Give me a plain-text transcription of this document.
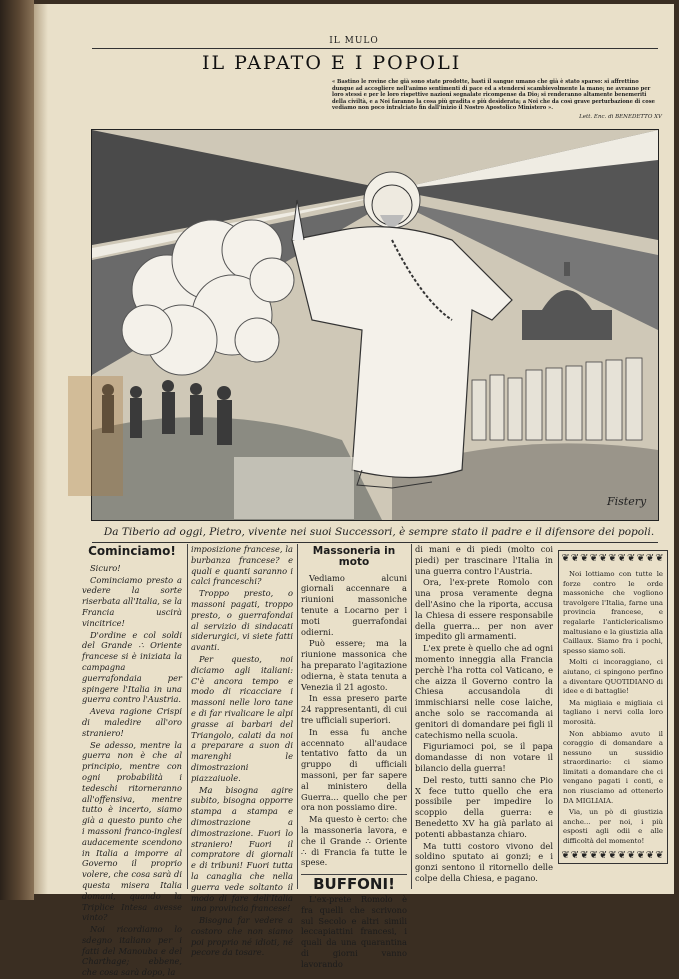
IL MULO
IL PAPATO E I POPOLI
« Bastino le rovine che già sono state prodotte, basti il sangue umano che già è stato sparso: si affrettino dunque ad accogliere nell'animo sentimenti di pace ed a stendersi scambievolmente la mano; ne avranno per loro stessi e per le loro rispettive nazioni segnalate ricompense da Dio; si renderanno altamente benemeriti della civiltà, e a Noi faranno la cosa più gradita e più desiderata; a Noi che da così grave perturbazione di cose vediamo non poco intralciato fin dall'inizio il Nostro Apostolico Ministero ».
Lett. Enc. di BENEDETTO XV
Fistery
Da Tiberio ad oggi, Pietro, vivente nei suoi Successori, è sempre stato il padre e il difensore dei popoli.
Cominciamo!

Sicuro!

Cominciamo presto a vedere la sorte riserbata all'Italia, se la Francia uscirà vincitrice!

D'ordine e col soldi del Grande ∴ Oriente francese si è iniziata la campagna guerrafondaia per spingere l'Italia in una guerra contro l'Austria.

Aveva ragione Crispi di maledire all'oro straniero!

Se adesso, mentre la guerra non è che al principio, mentre con ogni probabilità i tedeschi ritorneranno all'offensiva, mentre tutto è incerto, siamo già a questo punto che i massoni franco-inglesi audacemente scendono in Italia a imporre al Governo il proprio volere, che cosa sarà di questa misera Italia domani, quando la Triplice Intesa avesse vinto?

Noi ricordiamo lo sdegno italiano per i fatti del Manouba e del Charthage; ebbene, che cosa sarà dopo, la

imposizione francese, la burbanza francese? e quali e quanti saranno i calci franceschi?

Troppo presto, o massoni pagati, troppo presto, o guerrafondai al servizio di sindacati siderurgici, vi siete fatti avanti.

Per questo, noi diciamo agli italiani: C'è ancora tempo e modo di ricacciare i massoni nelle loro tane e di far rivalicare le alpi grasse ai barbari del Triangolo, calati da noi a preparare a suon di marenghi le dimostrazioni piazzaiuole.

Ma bisogna agire subito, bisogna opporre stampa a stampa e dimostrazione a dimostrazione. Fuori lo straniero! Fuori il compratore di giornali e di tribuni! Fuori tutta la canaglia che nella guerra vede soltanto il modo di fare dell'Italia una provincia francese!

Bisogna far vedere a costoro che non siamo poi proprio né idioti, né pecore da tosare.

Massoneria in moto

Vediamo alcuni giornali accennare a riunioni massoniche tenute a Locarno per i moti guerrafondai odierni.

Può essere; ma la riunione massonica che ha preparato l'agitazione odierna, è stata tenuta a Venezia il 21 agosto.

In essa presero parte 24 rappresentanti, di cui tre ufficiali superiori.

In essa fu anche accennato all'audace tentativo fatto da un gruppo di ufficiali massoni, per far sapere al ministero della Guerra... quello che per ora non possiamo dire.

Ma questo è certo: che la massoneria lavora, e che il Grande ∴ Oriente ∴ di Francia fa tutte le spese.

BUFFONI!

L'ex-prete Romolo è fra quelli che scrivono sul Secolo e altri simili leccapiattini francesi, i quali da una quarantina di giorni vanno lavorando

di mani e di piedi (molto coi piedi) per trascinare l'Italia in una guerra contro l'Austria.

Ora, l'ex-prete Romolo con una prosa veramente degna dell'Asino che la riporta, accusa la Chiesa di essere responsabile della guerra... per non aver impedito gli armamenti.

L'ex prete è quello che ad ogni momento inneggia alla Francia perchè l'ha rotta col Vaticano, e che aizza il Governo contro la Chiesa accusandola di immischiarsi nelle cose laiche, anche solo se raccomanda ai genitori di domandare pei figli il catechismo nella scuola.

Figuriamoci poi, se il papa domandasse di non votare il bilancio della guerra!

Del resto, tutti sanno che Pio X fece tutto quello che era possibile per impedire lo scoppio della guerra: e Benedetto XV ha già parlato ai potenti abbastanza chiaro.

Ma tutti costoro vivono del soldino sputato ai gonzi; e i gonzi sentono il ritornello delle colpe della Chiesa, e pagano.

❦❦❦❦❦❦❦❦❦❦❦

Noi lottiamo con tutte le forze contro le orde massoniche che vogliono travolgere l'Italia, farne una provincia francese, e regalarle l'anticlericalismo maltusiano e la giustizia alla Caillaux. Siamo fra i pochi, spesso siamo soli.

Molti ci incoraggiano, ci aiutano, ci spingono perfino a diventare QUOTIDIANO di idee e di battaglie!

Ma migliaia e migliaia ci tagliano i nervi colla loro morosità.

Non abbiamo avuto il coraggio di domandare a nessuno un sussidio straordinario: ci siamo limitati a domandare che ci vengano pagati i conti, e non riusciamo ad ottenerlo DA MIGLIAIA.

Via, un pò di giustizia anche... per noi, i più esposti agli odii e alle difficoltà del momento!

❦❦❦❦❦❦❦❦❦❦❦
